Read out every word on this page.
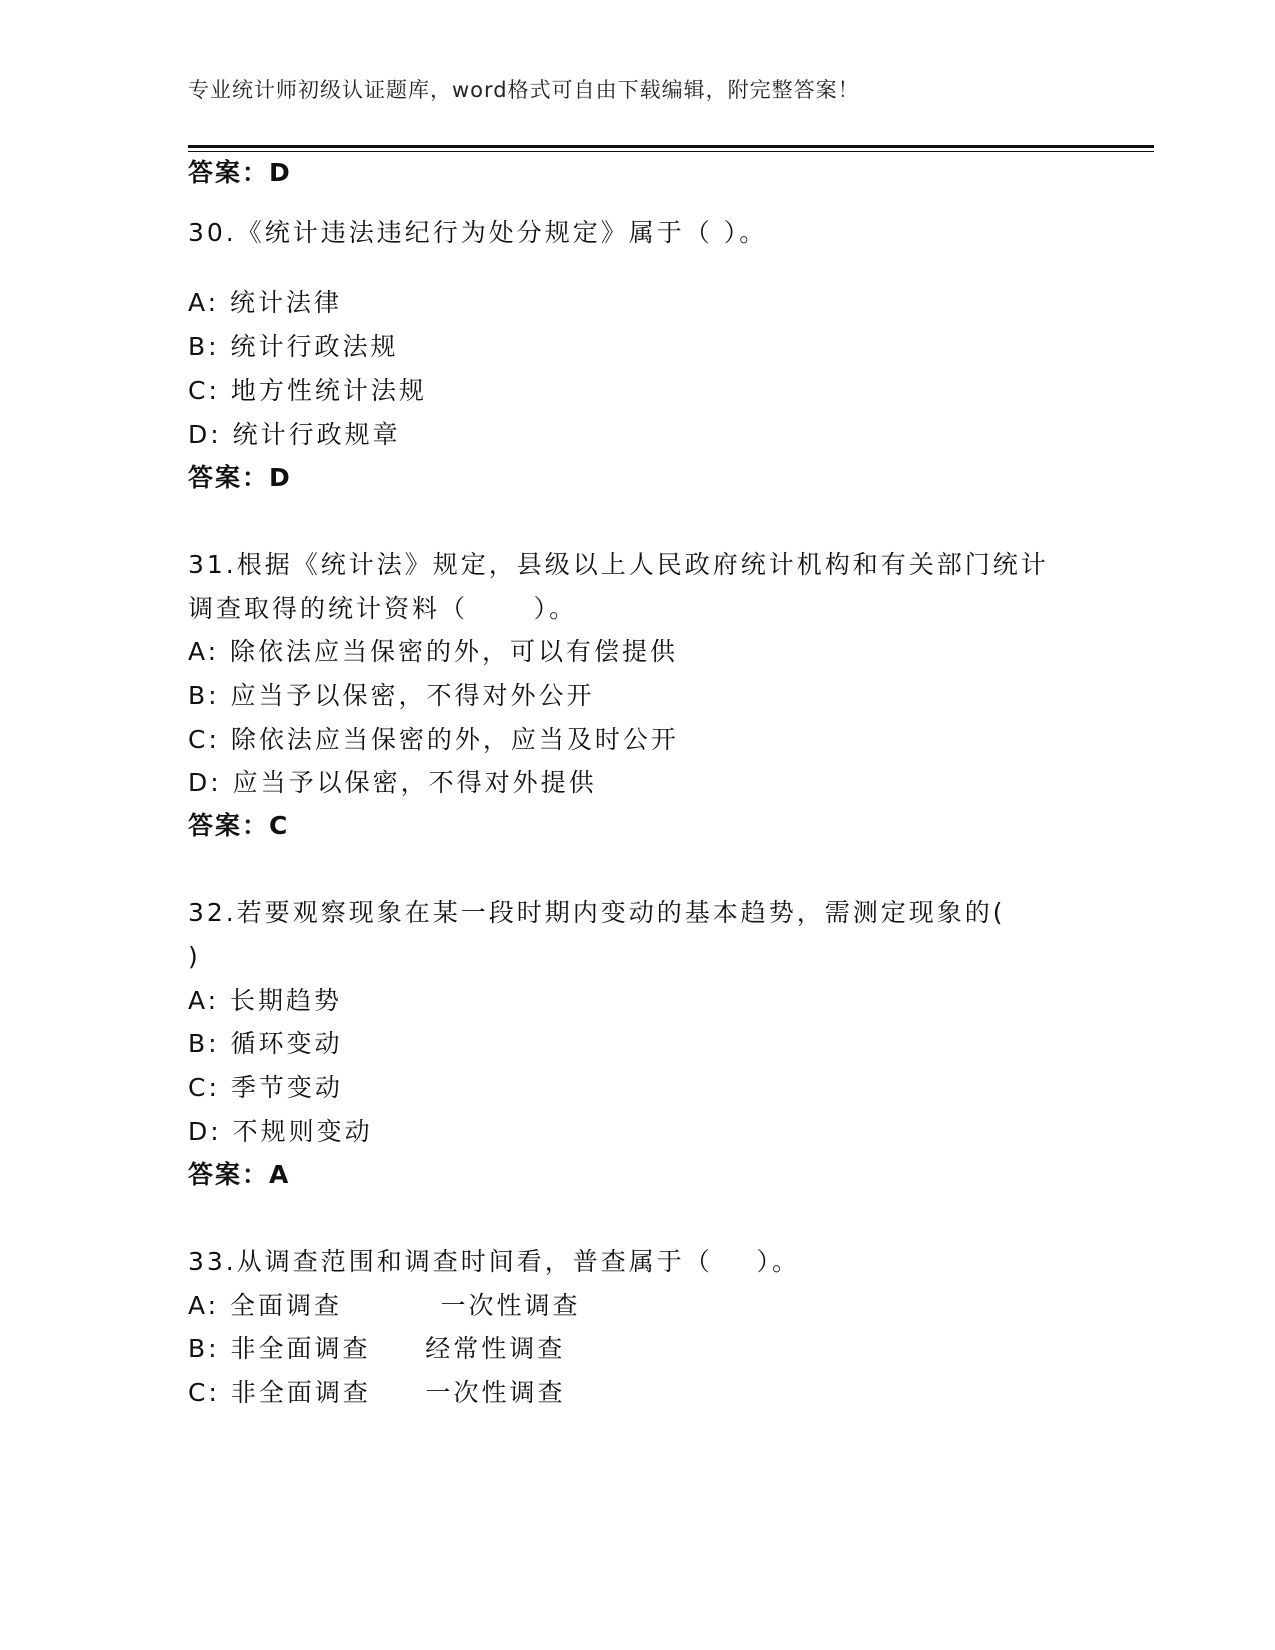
专业统计师初级认证题库，word格式可自由下载编辑，附完整答案！
答案：D
30.《统计违法违纪行为处分规定》属于（ ）。
A: 统计法律
B: 统计行政法规
C: 地方性统计法规
D: 统计行政规章
答案：D
31.根据《统计法》规定，县级以上人民政府统计机构和有关部门统计
调查取得的统计资料（      ）。
A: 除依法应当保密的外，可以有偿提供
B: 应当予以保密，不得对外公开
C: 除依法应当保密的外，应当及时公开
D: 应当予以保密，不得对外提供
答案：C
32.若要观察现象在某一段时期内变动的基本趋势，需测定现象的(
)
A: 长期趋势
B: 循环变动
C: 季节变动
D: 不规则变动
答案：A
33.从调查范围和调查时间看，普查属于（    ）。
A: 全面调查         一次性调查
B: 非全面调查     经常性调查
C: 非全面调查     一次性调查
